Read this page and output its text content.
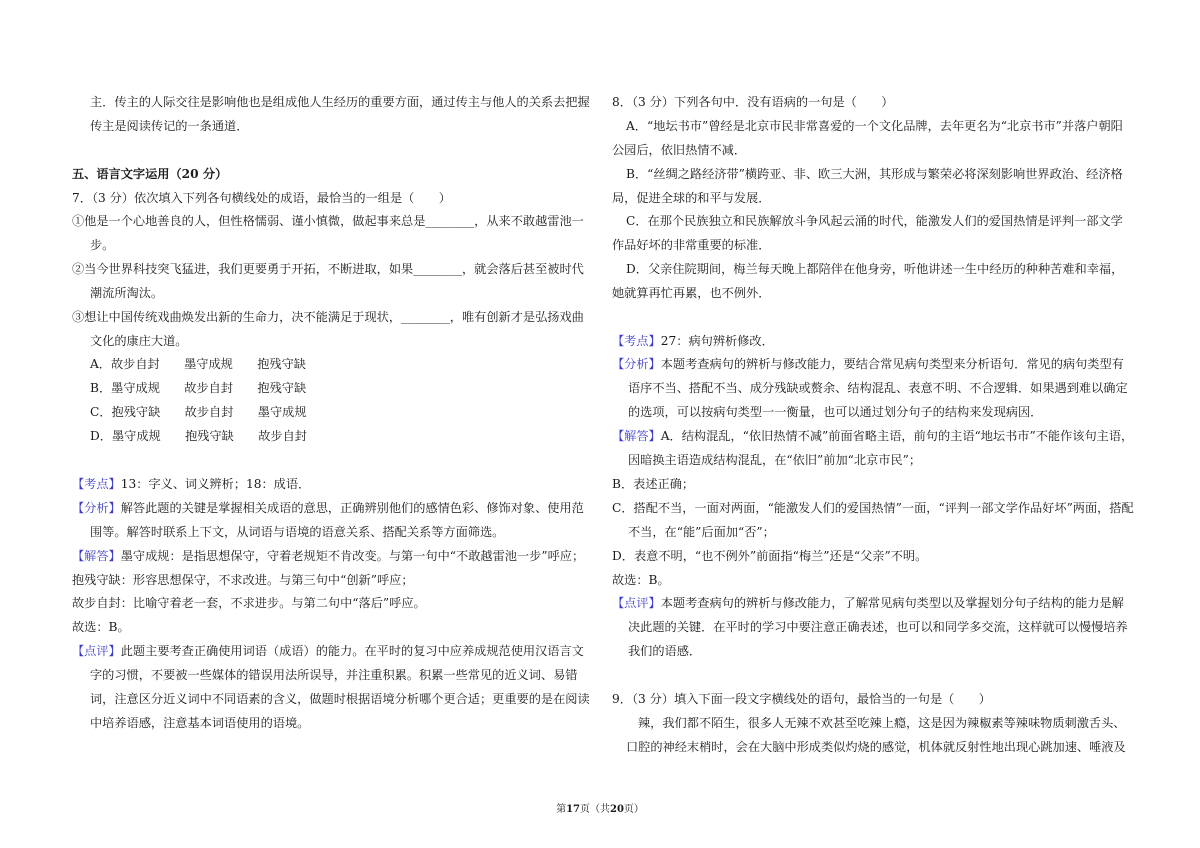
主．传主的人际交往是影响他也是组成他人生经历的重要方面，通过传主与他人的关系去把握
传主是阅读传记的一条通道．
五、语言文字运用（20 分）
7．（3 分）依次填入下列各句横线处的成语，最恰当的一组是（　　）
①他是一个心地善良的人，但性格懦弱、谨小慎微，做起事来总是________，从来不敢越雷池一
步。
②当今世界科技突飞猛进，我们更要勇于开拓，不断进取，如果________，就会落后甚至被时代
潮流所淘汰。
③想让中国传统戏曲焕发出新的生命力，决不能满足于现状，________，唯有创新才是弘扬戏曲
文化的康庄大道。
A．故步自封　　墨守成规　　抱残守缺
B．墨守成规　　故步自封　　抱残守缺
C．抱残守缺　　故步自封　　墨守成规
D．墨守成规　　抱残守缺　　故步自封
【考点】13：字义、词义辨析；18：成语．
【分析】解答此题的关键是掌握相关成语的意思，正确辨别他们的感情色彩、修饰对象、使用范
围等。解答时联系上下文，从词语与语境的语意关系、搭配关系等方面筛选。
【解答】墨守成规：是指思想保守，守着老规矩不肯改变。与第一句中“不敢越雷池一步”呼应；
抱残守缺：形容思想保守，不求改进。与第三句中“创新”呼应；
故步自封：比喻守着老一套，不求进步。与第二句中“落后”呼应。
故选：B。
【点评】此题主要考查正确使用词语（成语）的能力。在平时的复习中应养成规范使用汉语言文
字的习惯，不要被一些媒体的错误用法所误导，并注重积累。积累一些常见的近义词、易错
词，注意区分近义词中不同语素的含义，做题时根据语境分析哪个更合适；更重要的是在阅读
中培养语感，注意基本词语使用的语境。
8．（3 分）下列各句中．没有语病的一句是（　　）
A．“地坛书市”曾经是北京市民非常喜爱的一个文化品牌，去年更名为“北京书市”并落户朝阳
公园后，依旧热情不减．
B．“丝绸之路经济带”横跨亚、非、欧三大洲，其形成与繁荣必将深刻影响世界政治、经济格
局，促进全球的和平与发展．
C．在那个民族独立和民族解放斗争风起云涌的时代，能激发人们的爱国热情是评判一部文学
作品好坏的非常重要的标准．
D．父亲住院期间，梅兰每天晚上都陪伴在他身旁，听他讲述一生中经历的种种苦难和幸福，
她就算再忙再累，也不例外．
【考点】27：病句辨析修改．
【分析】本题考查病句的辨析与修改能力，要结合常见病句类型来分析语句．常见的病句类型有
语序不当、搭配不当、成分残缺或赘余、结构混乱、表意不明、不合逻辑．如果遇到难以确定
的选项，可以按病句类型一一衡量，也可以通过划分句子的结构来发现病因．
【解答】A．结构混乱，“依旧热情不减”前面省略主语，前句的主语“地坛书市”不能作该句主语，
因暗换主语造成结构混乱，在“依旧”前加“北京市民”；
B．表述正确；
C．搭配不当，一面对两面，“能激发人们的爱国热情”一面，“评判一部文学作品好坏”两面，搭配
不当，在“能”后面加“否”；
D．表意不明，“也不例外”前面指“梅兰”还是“父亲”不明。
故选：B。
【点评】本题考查病句的辨析与修改能力，了解常见病句类型以及掌握划分句子结构的能力是解
决此题的关键．在平时的学习中要注意正确表述，也可以和同学多交流，这样就可以慢慢培养
我们的语感．
9．（3 分）填入下面一段文字横线处的语句，最恰当的一句是（　　）
辣，我们都不陌生，很多人无辣不欢甚至吃辣上瘾，这是因为辣椒素等辣味物质刺激舌头、
口腔的神经末梢时，会在大脑中形成类似灼烧的感觉，机体就反射性地出现心跳加速、唾液及
第17页（共20页）
